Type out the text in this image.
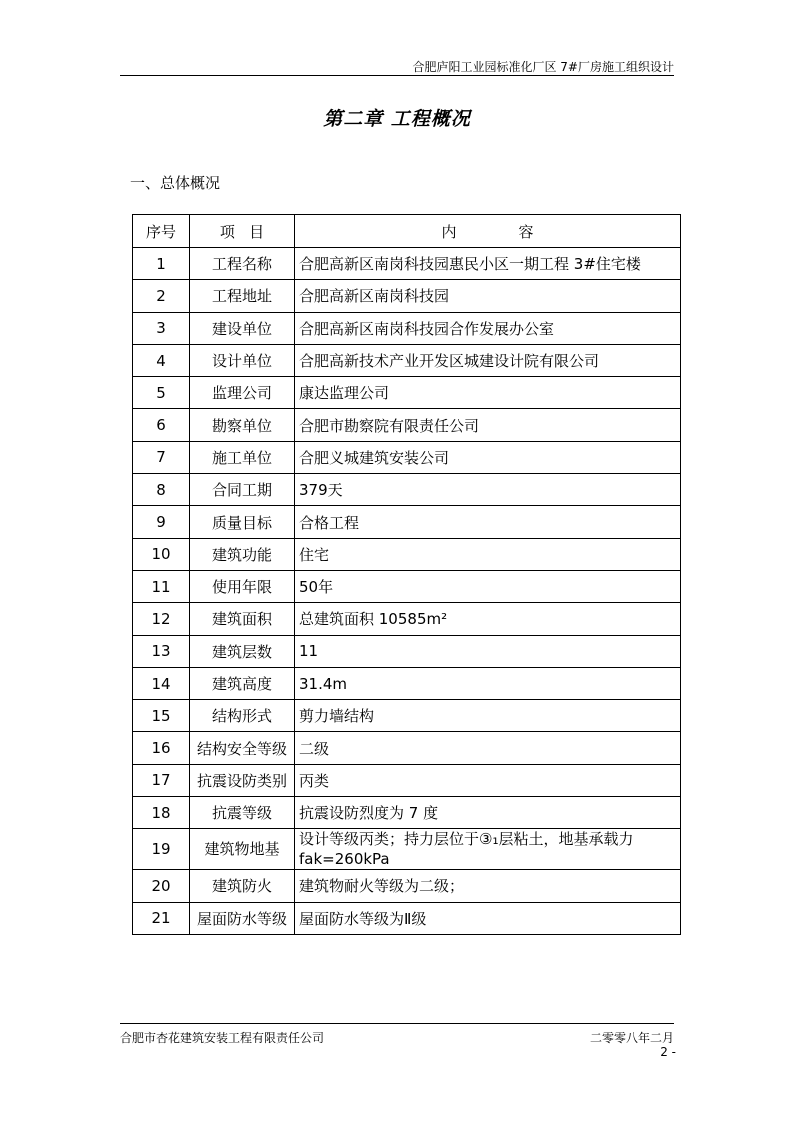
合肥庐阳工业园标准化厂区 7#厂房施工组织设计
第二章 工程概况
一、总体概况
序号	项   目	内             容
1	工程名称	合肥高新区南岗科技园惠民小区一期工程 3#住宅楼
2	工程地址	合肥高新区南岗科技园
3	建设单位	合肥高新区南岗科技园合作发展办公室
4	设计单位	合肥高新技术产业开发区城建设计院有限公司
5	监理公司	康达监理公司
6	勘察单位	合肥市勘察院有限责任公司
7	施工单位	合肥义城建筑安装公司
8	合同工期	379天
9	质量目标	合格工程
10	建筑功能	住宅
11	使用年限	50年
12	建筑面积	总建筑面积 10585m²
13	建筑层数	11
14	建筑高度	31.4m
15	结构形式	剪力墙结构
16	结构安全等级	二级
17	抗震设防类别	丙类
18	抗震等级	抗震设防烈度为 7 度
19	建筑物地基	设计等级丙类；持力层位于③₁层粘土，地基承载力fak=260kPa
20	建筑防火	建筑物耐火等级为二级；
21	屋面防水等级	屋面防水等级为Ⅱ级
合肥市杏花建筑安装工程有限责任公司	二零零八年二月
2 -
